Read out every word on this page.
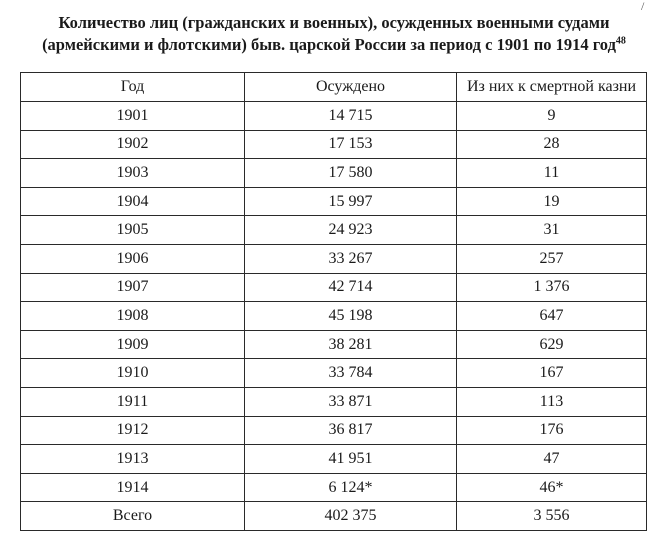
/
Количество лиц (гражданских и военных), осужденных военными судами
(армейскими и флотскими) быв. царской России за период с 1901 по 1914 год$^{48}$
Год	Осуждено	Из них к смертной казни
1901	14 715	9
1902	17 153	28
1903	17 580	11
1904	15 997	19
1905	24 923	31
1906	33 267	257
1907	42 714	1 376
1908	45 198	647
1909	38 281	629
1910	33 784	167
1911	33 871	113
1912	36 817	176
1913	41 951	47
1914	6 124*	46*
Всего	402 375	3 556
